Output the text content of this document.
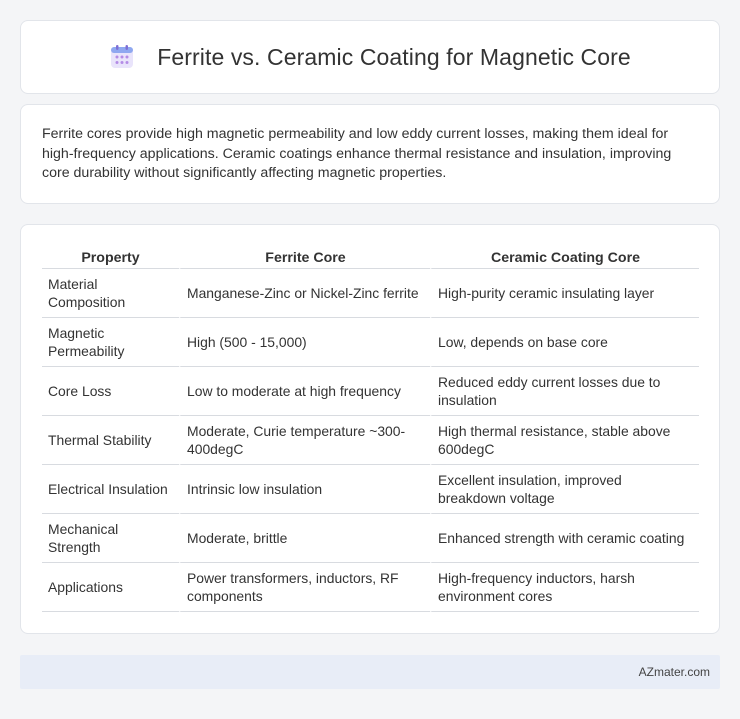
Ferrite vs. Ceramic Coating for Magnetic Core

Ferrite cores provide high magnetic permeability and low eddy current losses, making them ideal for high-frequency applications. Ceramic coatings enhance thermal resistance and insulation, improving core durability without significantly affecting magnetic properties.

Property	Ferrite Core	Ceramic Coating Core
Material Composition	Manganese-Zinc or Nickel-Zinc ferrite	High-purity ceramic insulating layer
Magnetic Permeability	High (500 - 15,000)	Low, depends on base core
Core Loss	Low to moderate at high frequency	Reduced eddy current losses due to insulation
Thermal Stability	Moderate, Curie temperature ~300-400degC	High thermal resistance, stable above 600degC
Electrical Insulation	Intrinsic low insulation	Excellent insulation, improved breakdown voltage
Mechanical Strength	Moderate, brittle	Enhanced strength with ceramic coating
Applications	Power transformers, inductors, RF components	High-frequency inductors, harsh environment cores
AZmater.com
